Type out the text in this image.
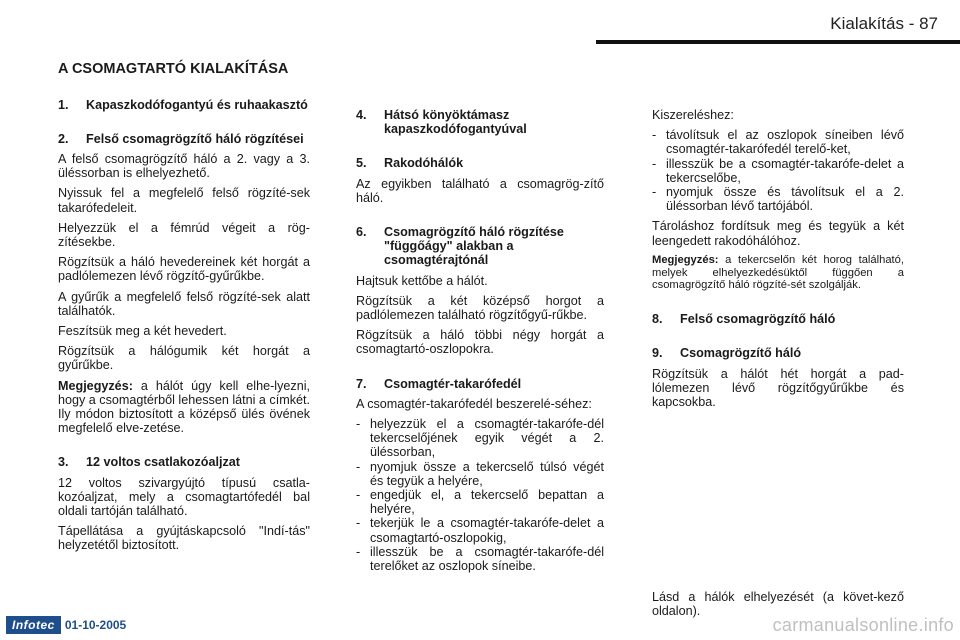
Kialakítás - 87
A CSOMAGTARTÓ KIALAKÍTÁSA
1.	Kapaszkodófogantyú és ruhaakasztó
2.	Felső csomagrögzítő háló rögzítései

A felső csomagrögzítő háló a 2. vagy a 3. üléssorban is elhelyezhető.

Nyissuk fel a megfelelő felső rögzíté-sek takarófedeleit.

Helyezzük el a fémrúd végeit a rög-zítésekbe.

Rögzítsük a háló hevedereinek két horgát a padlólemezen lévő rögzítő-gyűrűkbe.

A gyűrűk a megfelelő felső rögzíté-sek alatt találhatók.

Feszítsük meg a két hevedert.

Rögzítsük a hálógumik két horgát a gyűrűkbe.

Megjegyzés: a hálót úgy kell elhe-lyezni, hogy a csomagtérből lehessen látni a címkét. Ily módon biztosított a középső ülés övének megfelelő elve-zetése.

3.	12 voltos csatlakozóaljzat

12 voltos szivargyújtó típusú csatla-kozóaljzat, mely a csomagtartófedél bal oldali tartóján található.

Tápellátása a gyújtáskapcsoló "Indí-tás" helyzetétől biztosított.

4.	Hátsó könyöktámasz kapaszkodófogantyúval
5.	Rakodóhálók

Az egyikben található a csomagrög-zítő háló.

6.	Csomagrögzítő háló rögzítése "függőágy" alakban a csomagtérajtónál

Hajtsuk kettőbe a hálót.

Rögzítsük a két középső horgot a padlólemezen található rögzítőgyű-rűkbe.

Rögzítsük a háló többi négy horgát a csomagtartó-oszlopokra.

7.	Csomagtér-takarófedél

A csomagtér-takarófedél beszerelé-séhez:

- helyezzük el a csomagtér-takarófe-dél tekercselőjének egyik végét a 2. üléssorban,
- nyomjuk össze a tekercselő túlsó végét és tegyük a helyére,
- engedjük el, a tekercselő bepattan a helyére,
- tekerjük le a csomagtér-takarófe-delet a csomagtartó-oszlopokig,
- illesszük be a csomagtér-takarófe-dél terelőket az oszlopok síneibe.

Kiszereléshez:

- távolítsuk el az oszlopok síneiben lévő csomagtér-takarófedél terelő-ket,
- illesszük be a csomagtér-takarófe-delet a tekercselőbe,
- nyomjuk össze és távolítsuk el a 2. üléssorban lévő tartójából.

Tároláshoz fordítsuk meg és tegyük a két leengedett rakodóhálóhoz.

Megjegyzés: a tekercselőn két horog található, melyek elhelyezkedésüktől függően a csomagrögzítő háló rögzíté-sét szolgálják.

8.	Felső csomagrögzítő háló
9.	Csomagrögzítő háló

Rögzítsük a hálót hét horgát a pad-lólemezen lévő rögzítőgyűrűkbe és kapcsokba.

Lásd a hálók elhelyezését (a követ-kező oldalon).
Infotec 01-10-2005	carmanualsonline.info
